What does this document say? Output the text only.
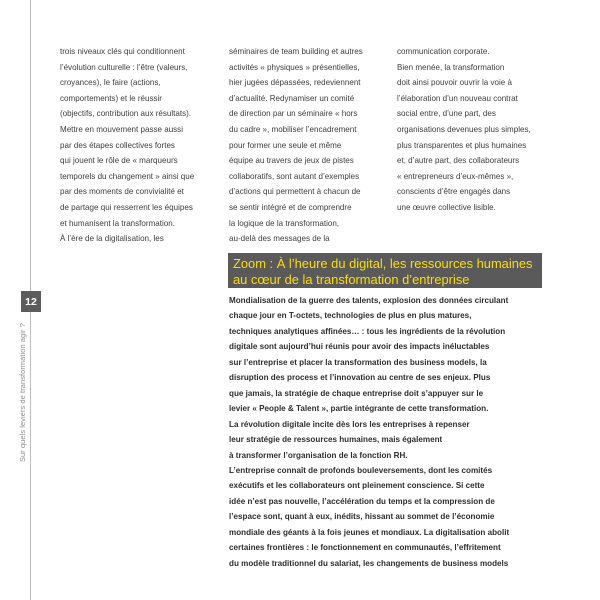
12
Sur quels leviers de transformation agir ?

trois niveaux clés qui conditionnent

l’évolution culturelle : l’être (valeurs,

croyances), le faire (actions,

comportements) et le réussir

(objectifs, contribution aux résultats).

Mettre en mouvement passe aussi

par des étapes collectives fortes

qui jouent le rôle de « marqueurs

temporels du changement » ainsi que

par des moments de convivialité et

de partage qui resserrent les équipes

et humanisent la transformation.

À l’ère de la digitalisation, les

séminaires de team building et autres

activités « physiques » présentielles,

hier jugées dépassées, redeviennent

d’actualité. Redynamiser un comité

de direction par un séminaire « hors

du cadre », mobiliser l’encadrement

pour former une seule et même

équipe au travers de jeux de pistes

collaboratifs, sont autant d’exemples

d’actions qui permettent à chacun de

se sentir intégré et de comprendre

la logique de la transformation,

au-delà des messages de la

communication corporate.

Bien menée, la transformation

doit ainsi pouvoir ouvrir la voie à

l’élaboration d’un nouveau contrat

social entre, d’une part, des

organisations devenues plus simples,

plus transparentes et plus humaines

et, d’autre part, des collaborateurs

« entrepreneurs d’eux-mêmes »,

conscients d’être engagés dans

une œuvre collective lisible.

Zoom : À l’heure du digital, les ressources humaines

au cœur de la transformation d’entreprise

Mondialisation de la guerre des talents, explosion des données circulant

chaque jour en T-octets, technologies de plus en plus matures,

techniques analytiques affinées… : tous les ingrédients de la révolution

digitale sont aujourd’hui réunis pour avoir des impacts inéluctables

sur l’entreprise et placer la transformation des business models, la

disruption des process et l’innovation au centre de ses enjeux. Plus

que jamais, la stratégie de chaque entreprise doit s’appuyer sur le

levier « People & Talent », partie intégrante de cette transformation.

La révolution digitale incite dès lors les entreprises à repenser

leur stratégie de ressources humaines, mais également

à transformer l’organisation de la fonction RH.

L’entreprise connaît de profonds bouleversements, dont les comités

exécutifs et les collaborateurs ont pleinement conscience. Si cette

idée n’est pas nouvelle, l’accélération du temps et la compression de

l’espace sont, quant à eux, inédits, hissant au sommet de l’économie

mondiale des géants à la fois jeunes et mondiaux. La digitalisation abolit

certaines frontières : le fonctionnement en communautés, l’effritement

du modèle traditionnel du salariat, les changements de business models
